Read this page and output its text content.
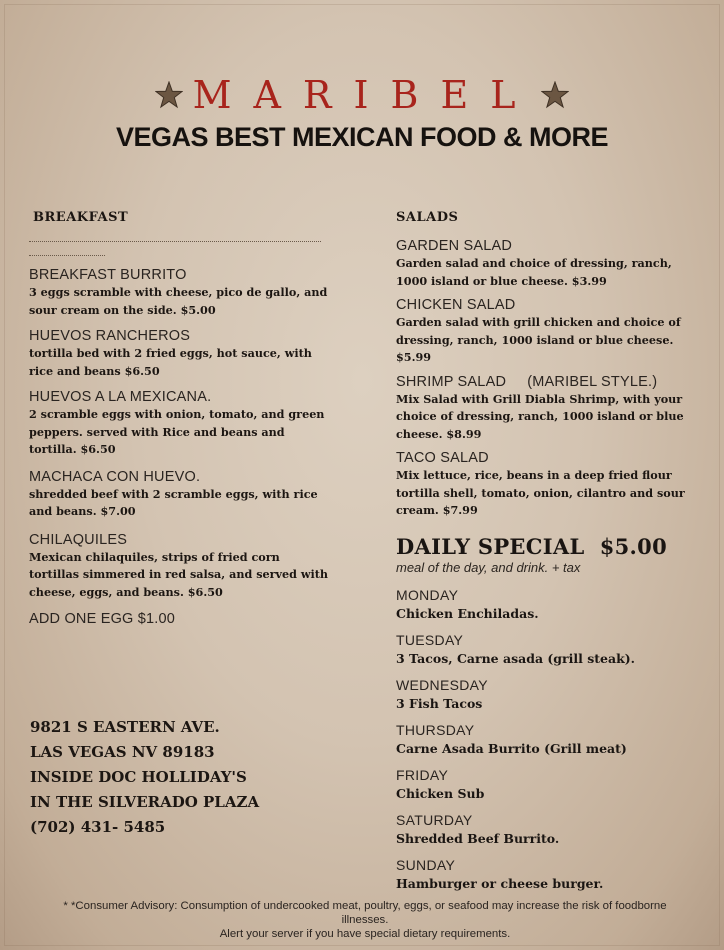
MARIBEL
VEGAS BEST MEXICAN FOOD & MORE
BREAKFAST
BREAKFAST BURRITO
3 eggs scramble with cheese, pico de gallo, and sour cream on the side. $5.00
HUEVOS RANCHEROS
tortilla bed with 2 fried eggs, hot sauce, with rice and beans $6.50
HUEVOS A LA MEXICANA.
2 scramble eggs with onion, tomato, and green peppers. served with Rice and beans and tortilla. $6.50
MACHACA CON HUEVO.
shredded beef with 2 scramble eggs, with rice and beans. $7.00
CHILAQUILES
Mexican chilaquiles, strips of fried corn tortillas simmered in red salsa, and served with cheese, eggs, and beans. $6.50
ADD ONE EGG $1.00
9821 S EASTERN AVE.
LAS VEGAS NV 89183
INSIDE DOC HOLLIDAY'S
IN THE SILVERADO PLAZA
(702) 431- 5485
SALADS
GARDEN SALAD
Garden salad and choice of dressing, ranch, 1000 island or blue cheese. $3.99
CHICKEN SALAD
Garden salad with grill chicken and choice of dressing, ranch, 1000 island or blue cheese. $5.99
SHRIMP SALAD     (MARIBEL STYLE.)
Mix Salad with Grill Diabla Shrimp, with your choice of dressing, ranch, 1000 island or blue cheese. $8.99
TACO SALAD
Mix lettuce, rice, beans in a deep fried flour tortilla shell, tomato, onion, cilantro and sour cream. $7.99
DAILY SPECIAL  $5.00
meal of the day, and drink. + tax
MONDAY
Chicken Enchiladas.
TUESDAY
3 Tacos, Carne asada (grill steak).
WEDNESDAY
3 Fish Tacos
THURSDAY
Carne Asada Burrito (Grill meat)
FRIDAY
Chicken Sub
SATURDAY
Shredded Beef Burrito.
SUNDAY
Hamburger or cheese burger.
* *Consumer Advisory: Consumption of undercooked meat, poultry, eggs, or seafood may increase the risk of foodborne illnesses.
Alert your server if you have special dietary requirements.
